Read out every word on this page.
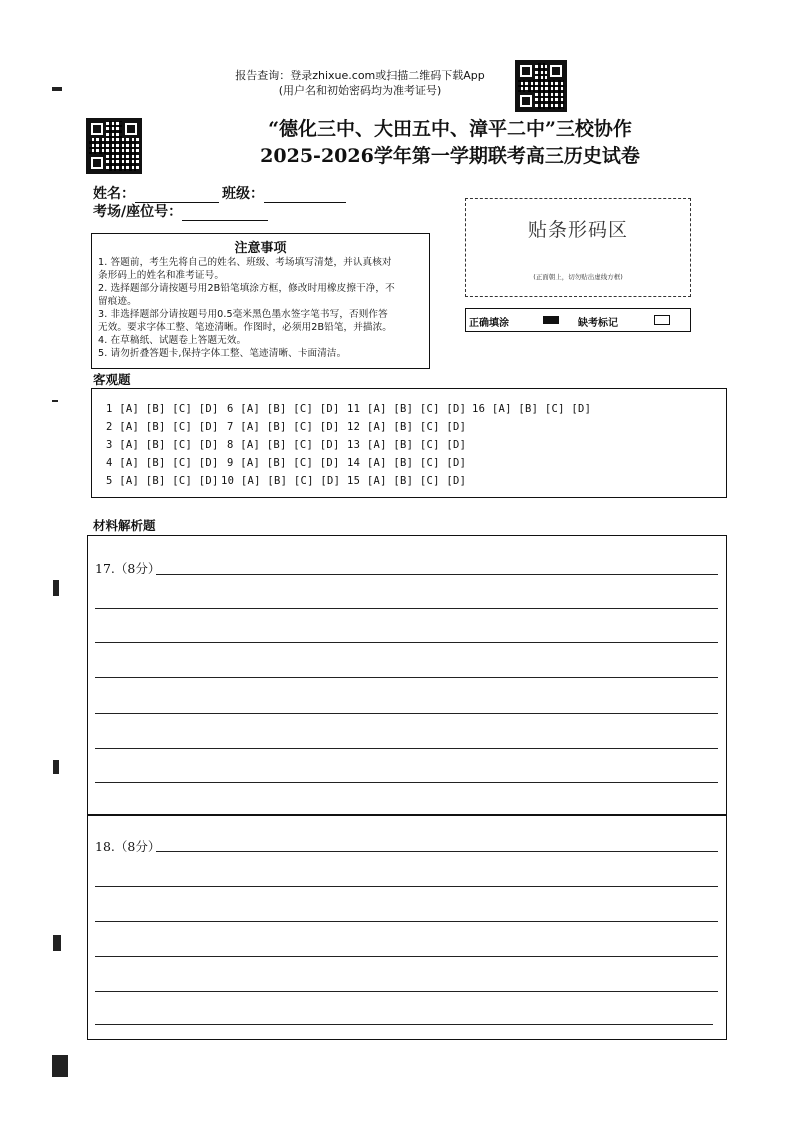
报告查询：登录zhixue.com或扫描二维码下载App
(用户名和初始密码均为准考证号)
“德化三中、大田五中、漳平二中”三校协作
2025-2026学年第一学期联考高三历史试卷
姓名：	班级：
考场/座位号：
注意事项
1. 答题前，考生先将自己的姓名、班级、考场填写清楚，并认真核对
条形码上的姓名和准考证号。
2. 选择题部分请按题号用2B铅笔填涂方框，修改时用橡皮擦干净，不
留痕迹。
3. 非选择题部分请按题号用0.5毫米黑色墨水签字笔书写，否则作答
无效。要求字体工整、笔迹清晰。作图时，必须用2B铅笔，并描浓。
4. 在草稿纸、试题卷上答题无效。
5. 请勿折叠答题卡,保持字体工整、笔迹清晰、卡面清洁。
贴条形码区
(正面朝上，切勿贴出虚线方框)
正确填涂	缺考标记
客观题
1 [A] [B] [C] [D]
2 [A] [B] [C] [D]
3 [A] [B] [C] [D]
4 [A] [B] [C] [D]
5 [A] [B] [C] [D]
6 [A] [B] [C] [D]
7 [A] [B] [C] [D]
8 [A] [B] [C] [D]
9 [A] [B] [C] [D]
10 [A] [B] [C] [D]
11 [A] [B] [C] [D]
12 [A] [B] [C] [D]
13 [A] [B] [C] [D]
14 [A] [B] [C] [D]
15 [A] [B] [C] [D]
16 [A] [B] [C] [D]
材料解析题
17.（8分）
18.（8分）
